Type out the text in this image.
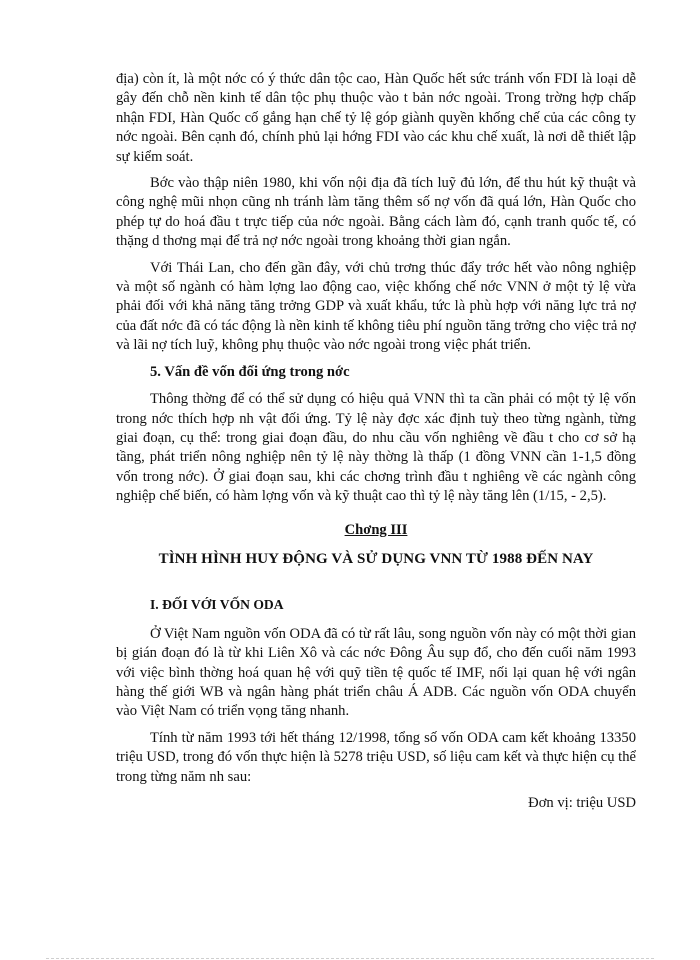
địa) còn ít, là một nớc có ý thức dân tộc cao, Hàn Quốc hết sức tránh vốn FDI là loại dễ gây đến chỗ nền kinh tế dân tộc phụ thuộc vào t bản nớc ngoài. Trong trờng hợp chấp nhận FDI, Hàn Quốc cố gắng hạn chế tỷ lệ góp giành quyền khống chế của các công ty nớc ngoài. Bên cạnh đó, chính phủ lại hớng FDI vào các khu chế xuất, là nơi dễ thiết lập sự kiểm soát.

Bớc vào thập niên 1980, khi vốn nội địa đã tích luỹ đủ lớn, để thu hút kỹ thuật và công nghệ mũi nhọn cũng nh tránh làm tăng thêm số nợ vốn đã quá lớn, Hàn Quốc cho phép tự do hoá đầu t trực tiếp của nớc ngoài. Bằng cách làm đó, cạnh tranh quốc tế, có thặng d thơng mại để trả nợ nớc ngoài trong khoảng thời gian ngắn.

Với Thái Lan, cho đến gần đây, với chủ trơng thúc đẩy trớc hết vào nông nghiệp và một số ngành có hàm lợng lao động cao, việc khống chế nớc VNN ở một tỷ lệ vừa phải đối với khả năng tăng trởng GDP và xuất khẩu, tức là phù hợp với năng lực trả nợ của đất nớc đã có tác động là nền kinh tế không tiêu phí nguồn tăng trởng cho việc trả nợ và lãi nợ tích luỹ, không phụ thuộc vào nớc ngoài trong việc phát triển.

5. Vấn đề vốn đối ứng trong nớc

Thông thờng để có thể sử dụng có hiệu quả VNN thì ta cần phải có một tỷ lệ vốn trong nớc thích hợp nh vật đối ứng. Tỷ lệ này đợc xác định tuỳ theo từng ngành, từng giai đoạn, cụ thể: trong giai đoạn đầu, do nhu cầu vốn nghiêng về đầu t cho cơ sở hạ tầng, phát triển nông nghiệp nên tỷ lệ này thờng là thấp (1 đồng VNN cần 1-1,5 đồng vốn trong nớc). Ở giai đoạn sau, khi các chơng trình đầu t nghiêng về các ngành công nghiệp chế biến, có hàm lợng vốn và kỹ thuật cao thì tỷ lệ này tăng lên (1/15, - 2,5).

Chơng III

TÌNH HÌNH HUY ĐỘNG VÀ SỬ DỤNG VNN TỪ 1988 ĐẾN NAY

I. ĐỐI VỚI VỐN ODA

Ở Việt Nam nguồn vốn ODA đã có từ rất lâu, song nguồn vốn này có một thời gian bị gián đoạn đó là từ khi Liên Xô và các nớc Đông Âu sụp đổ, cho đến cuối năm 1993 với việc bình thờng hoá quan hệ với quỹ tiền tệ quốc tế IMF, nối lại quan hệ với ngân hàng thế giới WB và ngân hàng phát triển châu Á ADB. Các nguồn vốn ODA chuyển vào Việt Nam có triển vọng tăng nhanh.

Tính từ năm 1993 tới hết tháng 12/1998, tổng số vốn ODA cam kết khoảng 13350 triệu USD, trong đó vốn thực hiện là 5278 triệu USD, số liệu cam kết và thực hiện cụ thể trong từng năm nh sau:

Đơn vị: triệu USD
